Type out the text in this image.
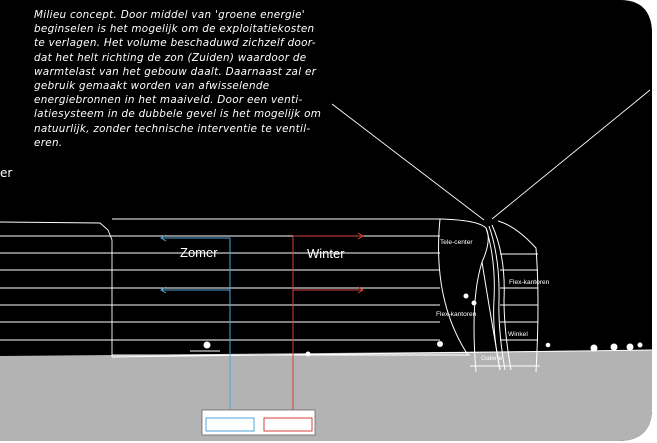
Milieu concept. Door middel van 'groene energie'
beginselen is het mogelijk om de exploitatiekosten
te verlagen. Het volume beschaduwd zichzelf door-
dat het helt richting de zon (Zuiden) waardoor de
warmtelast van het gebouw daalt. Daarnaast zal er
gebruik gemaakt worden van afwisselende
energiebronnen in het maaiveld. Door een venti-
latiesysteem in de dubbele gevel is het mogelijk om
natuurlijk, zonder technische interventie te ventil-
eren.

er
Zomer	Winter
Tele-center
Flex-kantoren
Flex-kantoren
Winkel
Galerie
